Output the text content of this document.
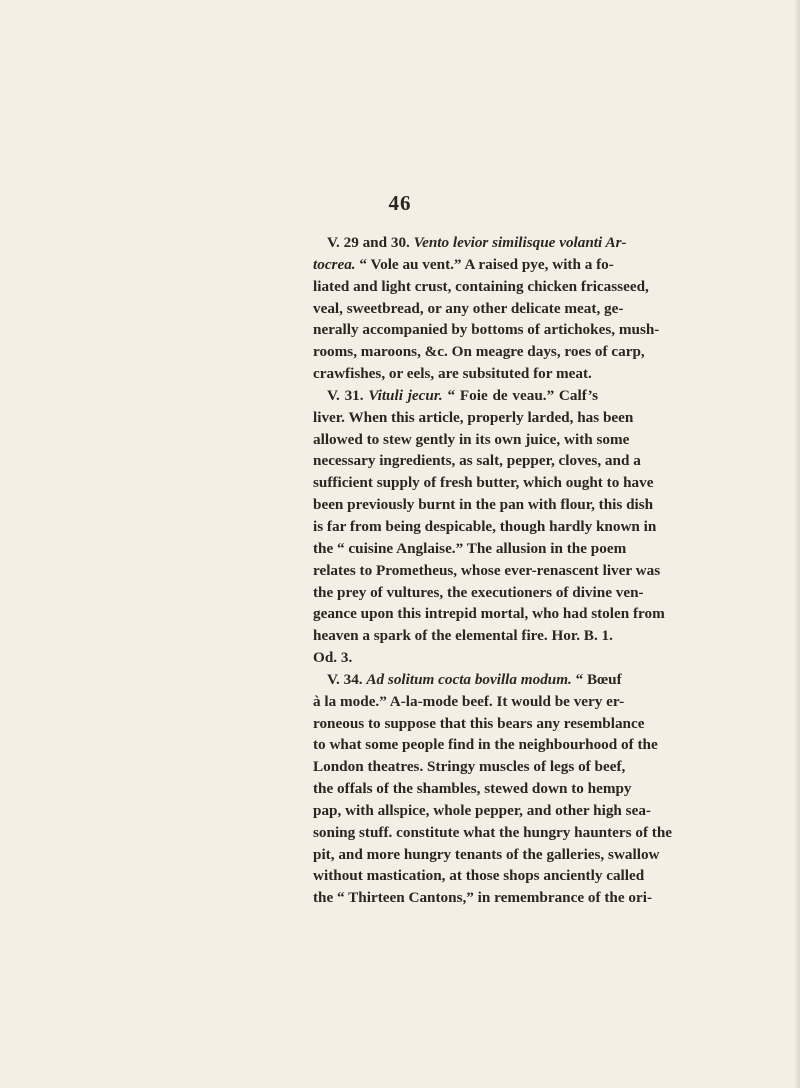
46
V. 29 and 30. Vento levior similisque volanti Ar-
tocrea. “ Vole au vent.” A raised pye, with a fo-
liated and light crust, containing chicken fricasseed,
veal, sweetbread, or any other delicate meat, ge-
nerally accompanied by bottoms of artichokes, mush-
rooms, maroons, &c. On meagre days, roes of carp,
crawfishes, or eels, are subsituted for meat.
V. 31. Vituli jecur. “ Foie de veau.” Calf’s
liver. When this article, properly larded, has been
allowed to stew gently in its own juice, with some
necessary ingredients, as salt, pepper, cloves, and a
sufficient supply of fresh butter, which ought to have
been previously burnt in the pan with flour, this dish
is far from being despicable, though hardly known in
the “ cuisine Anglaise.” The allusion in the poem
relates to Prometheus, whose ever-renascent liver was
the prey of vultures, the executioners of divine ven-
geance upon this intrepid mortal, who had stolen from
heaven a spark of the elemental fire. Hor. B. 1.
Od. 3.
V. 34. Ad solitum cocta bovilla modum. “ Bœuf
à la mode.” A-la-mode beef. It would be very er-
roneous to suppose that this bears any resemblance
to what some people find in the neighbourhood of the
London theatres. Stringy muscles of legs of beef,
the offals of the shambles, stewed down to hempy
pap, with allspice, whole pepper, and other high sea-
soning stuff. constitute what the hungry haunters of the
pit, and more hungry tenants of the galleries, swallow
without mastication, at those shops anciently called
the “ Thirteen Cantons,” in remembrance of the ori-
